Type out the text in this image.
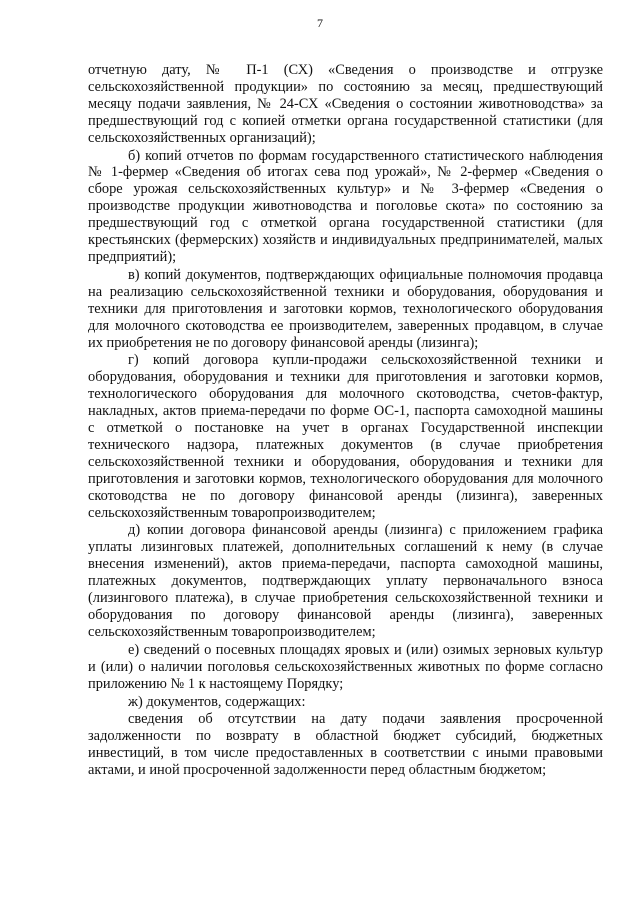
7

отчетную дату, № П-1 (СХ) «Сведения о производстве и отгрузке сельскохозяйственной продукции» по состоянию за месяц, предшествующий месяцу подачи заявления, № 24-СХ «Сведения о состоянии животноводства» за предшествующий год с копией отметки органа государственной статистики (для сельскохозяйственных организаций);

б) копий отчетов по формам государственного статистического наблюдения № 1-фермер «Сведения об итогах сева под урожай», № 2-фермер «Сведения о сборе урожая сельскохозяйственных культур» и № 3-фермер «Сведения о производстве продукции животноводства и поголовье скота» по состоянию за предшествующий год с отметкой органа государственной статистики (для крестьянских (фермерских) хозяйств и индивидуальных предпринимателей, малых предприятий);

в) копий документов, подтверждающих официальные полномочия продавца на реализацию сельскохозяйственной техники и оборудования, оборудования и техники для приготовления и заготовки кормов, технологического оборудования для молочного скотоводства ее производителем, заверенных продавцом, в случае их приобретения не по договору финансовой аренды (лизинга);

г) копий договора купли-продажи сельскохозяйственной техники и оборудования, оборудования и техники для приготовления и заготовки кормов, технологического оборудования для молочного скотоводства, счетов-фактур, накладных, актов приема-передачи по форме ОС-1, паспорта самоходной машины с отметкой о постановке на учет в органах Государственной инспекции технического надзора, платежных документов (в случае приобретения сельскохозяйственной техники и оборудования, оборудования и техники для приготовления и заготовки кормов, технологического оборудования для молочного скотоводства не по договору финансовой аренды (лизинга), заверенных сельскохозяйственным товаропроизводителем;

д) копии договора финансовой аренды (лизинга) с приложением графика уплаты лизинговых платежей, дополнительных соглашений к нему (в случае внесения изменений), актов приема-передачи, паспорта самоходной машины, платежных документов, подтверждающих уплату первоначального взноса (лизингового платежа), в случае приобретения сельскохозяйственной техники и оборудования по договору финансовой аренды (лизинга), заверенных сельскохозяйственным товаропроизводителем;

е) сведений о посевных площадях яровых и (или) озимых зерновых культур и (или) о наличии поголовья сельскохозяйственных животных по форме согласно приложению № 1 к настоящему Порядку;

ж) документов, содержащих:

сведения об отсутствии на дату подачи заявления просроченной задолженности по возврату в областной бюджет субсидий, бюджетных инвестиций, в том числе предоставленных в соответствии с иными правовыми актами, и иной просроченной задолженности перед областным бюджетом;
